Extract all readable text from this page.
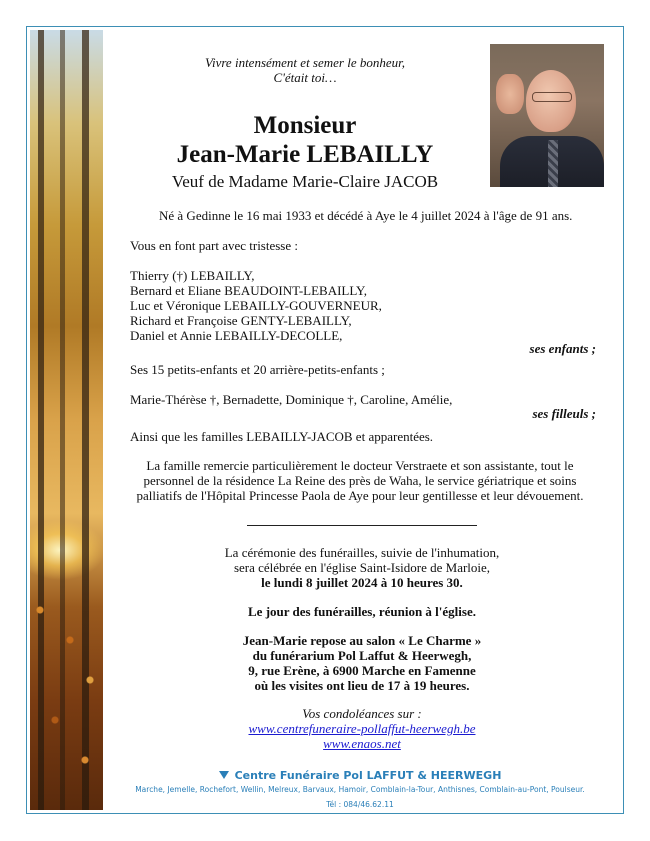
Vivre intensément et semer le bonheur,

C'était toi…

Monsieur

Jean-Marie LEBAILLY

Veuf de Madame Marie-Claire JACOB

Né à Gedinne le 16 mai 1933 et décédé à Aye le 4 juillet 2024 à l'âge de 91 ans.

Vous en font part avec tristesse :

Thierry (†) LEBAILLY,

Bernard et Eliane BEAUDOINT-LEBAILLY,

Luc et Véronique LEBAILLY-GOUVERNEUR,

Richard et Françoise GENTY-LEBAILLY,

Daniel et Annie LEBAILLY-DECOLLE,

ses enfants ;

Ses 15 petits-enfants et 20 arrière-petits-enfants ;

Marie-Thérèse †, Bernadette, Dominique †, Caroline, Amélie,

ses filleuls ;

Ainsi que les familles LEBAILLY-JACOB et apparentées.

La famille remercie particulièrement le docteur Verstraete et son assistante, tout le

personnel de la résidence La Reine des près de Waha, le service gériatrique et soins

palliatifs de l'Hôpital Princesse Paola de Aye pour leur gentillesse et leur dévouement.

La cérémonie des funérailles, suivie de l'inhumation,

sera célébrée en l'église Saint-Isidore de Marloie,

le lundi 8 juillet 2024 à 10 heures 30.

Le jour des funérailles, réunion à l'église.

Jean-Marie repose au salon « Le Charme »

du funérarium Pol Laffut & Heerwegh,

9, rue Erène, à 6900 Marche en Famenne

où les visites ont lieu de 17 à 19 heures.

Vos condoléances sur :

www.centrefuneraire-pollaffut-heerwegh.be
www.enaos.net
Centre Funéraire Pol LAFFUT & HEERWEGH

Marche, Jemelle, Rochefort, Wellin, Melreux, Barvaux, Hamoir, Comblain-la-Tour, Anthisnes, Comblain-au-Pont, Poulseur.

Tél : 084/46.62.11
